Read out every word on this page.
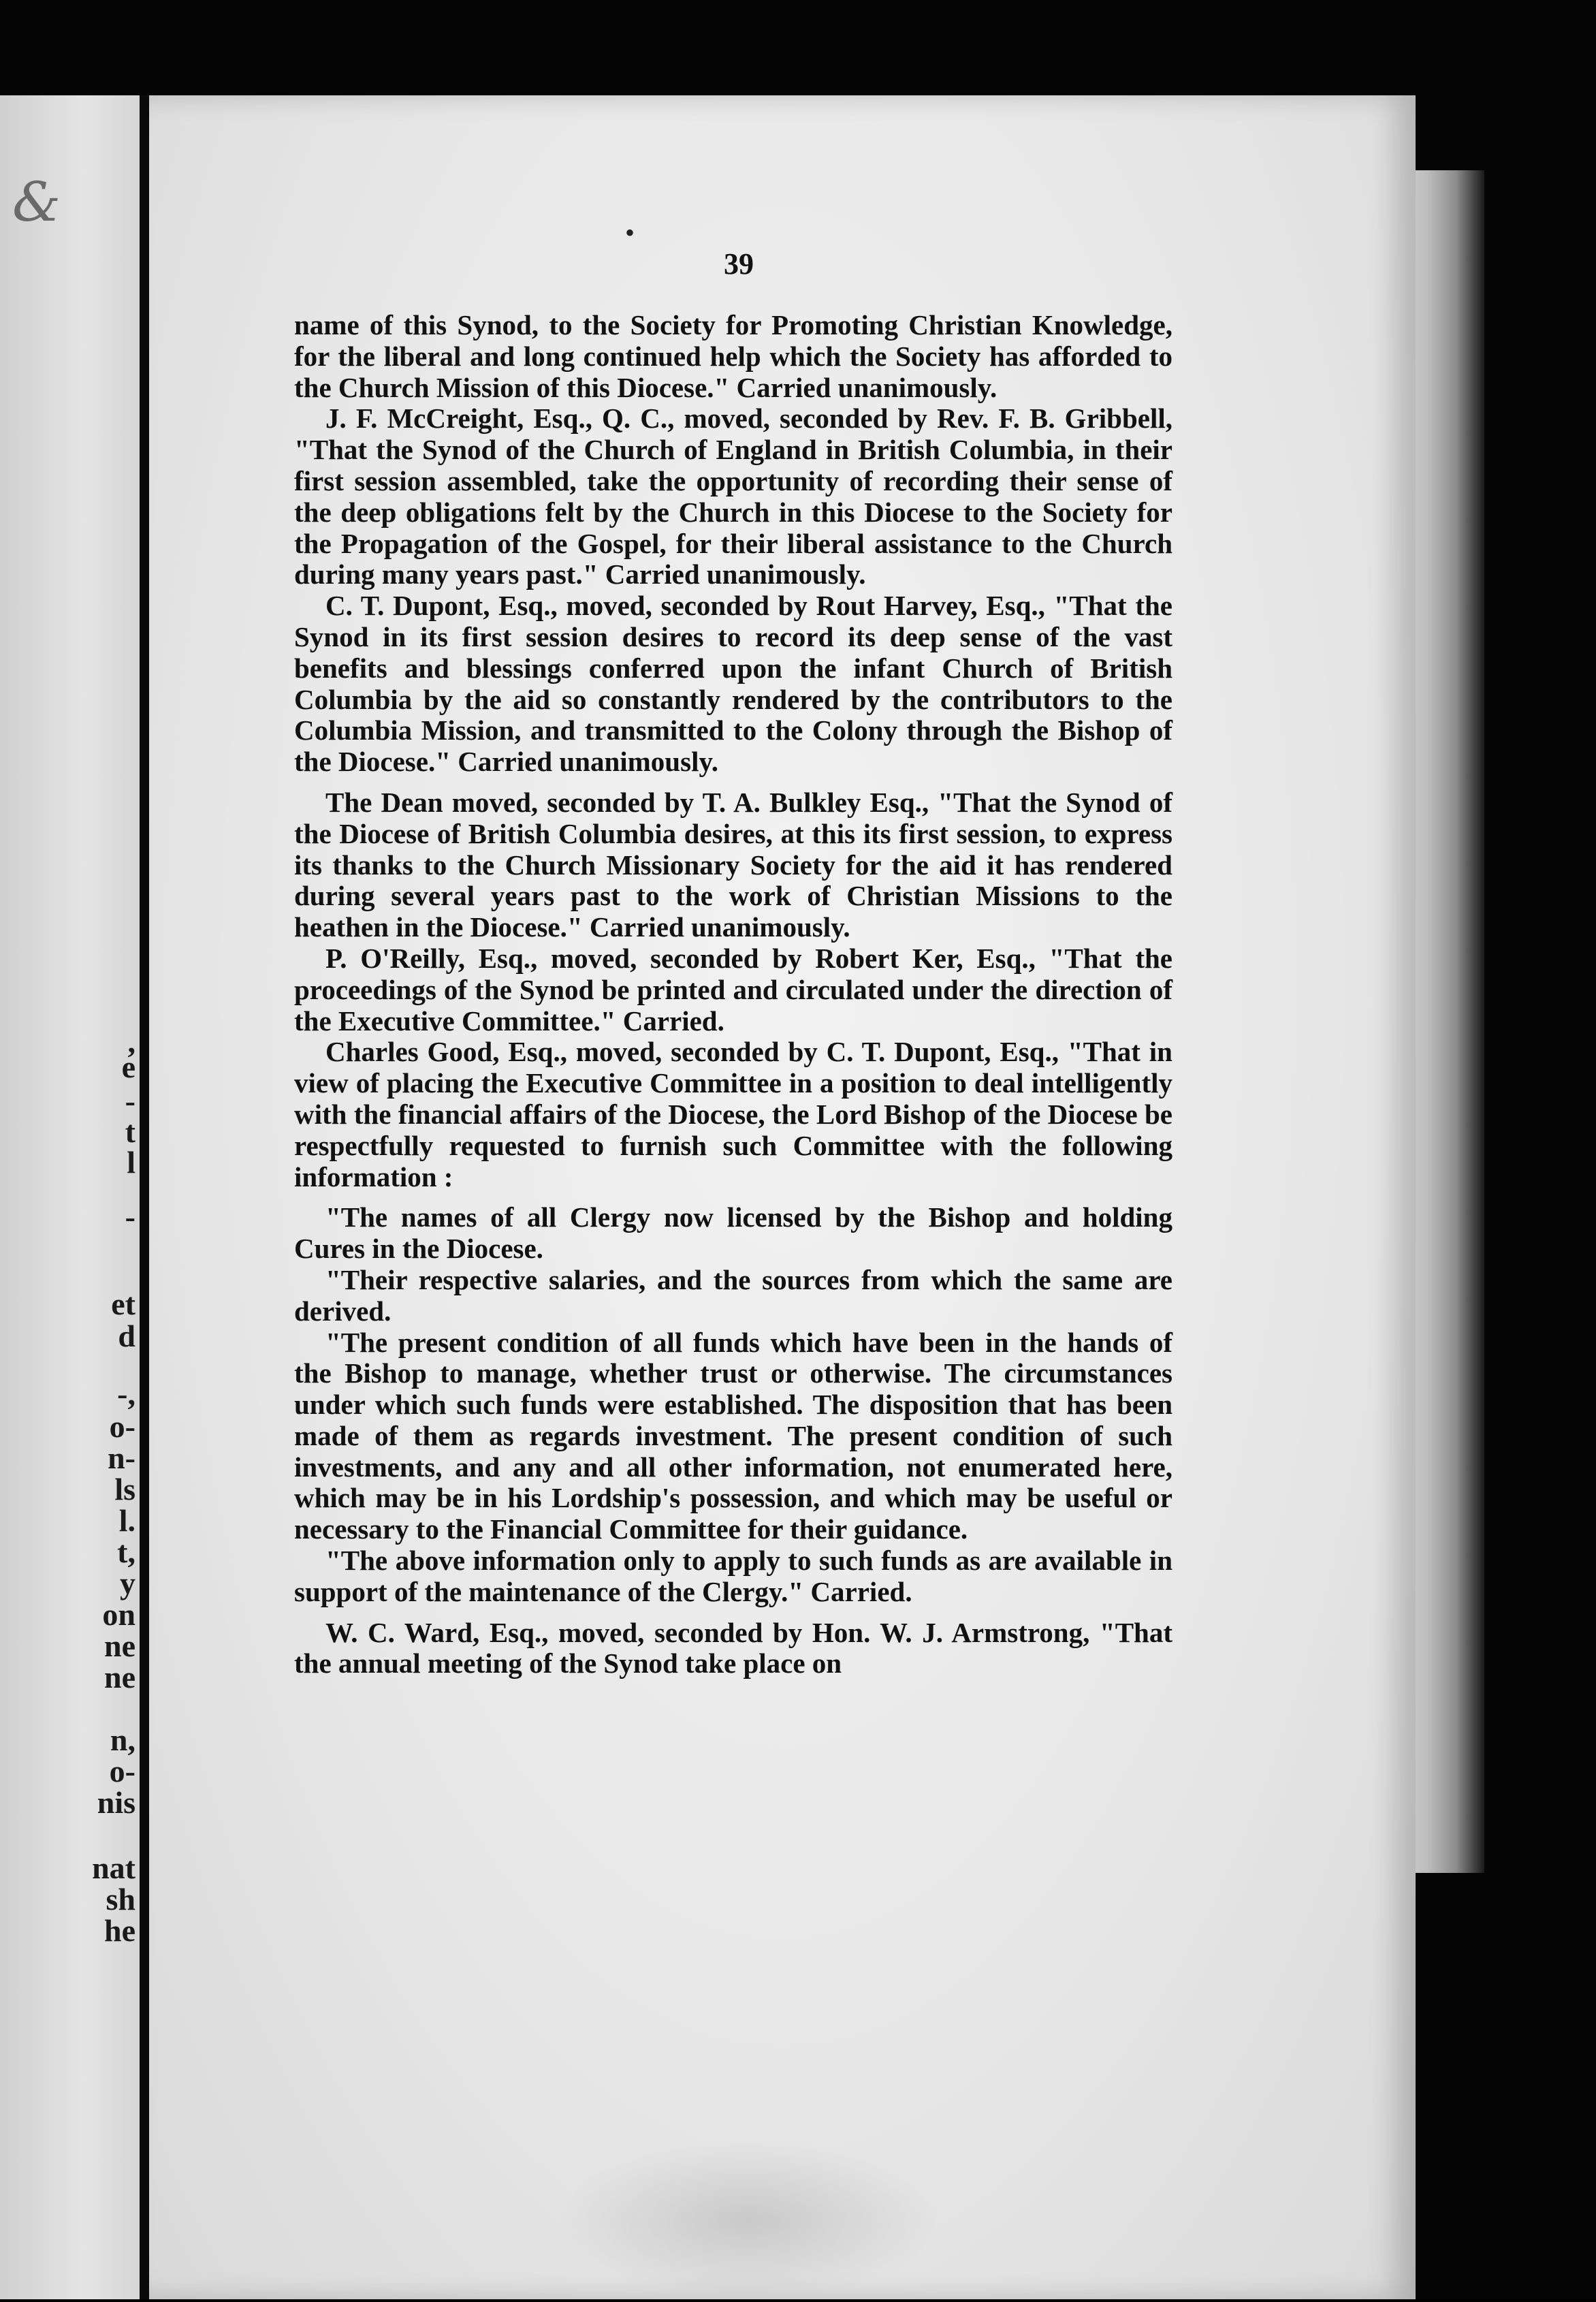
,
e
-
t
l
-
et
d
-,
o-
n-
ls
l.
t,
y
on
ne
ne
n,
o-
nis
nat
sh
he
&	•
39

name of this Synod, to the Society for Promoting Christian Knowledge, for the liberal and long continued help which the Society has afforded to the Church Mission of this Diocese." Carried unanimously.

J. F. McCreight, Esq., Q. C., moved, seconded by Rev. F. B. Gribbell, "That the Synod of the Church of England in British Columbia, in their first session assembled, take the opportunity of recording their sense of the deep obligations felt by the Church in this Diocese to the Society for the Propagation of the Gospel, for their liberal assistance to the Church during many years past." Carried unanimously.

C. T. Dupont, Esq., moved, seconded by Rout Harvey, Esq., "That the Synod in its first session desires to record its deep sense of the vast benefits and blessings conferred upon the infant Church of British Columbia by the aid so constantly rendered by the contributors to the Columbia Mission, and transmitted to the Colony through the Bishop of the Diocese." Carried unanimously.

The Dean moved, seconded by T. A. Bulkley Esq., "That the Synod of the Diocese of British Columbia desires, at this its first session, to express its thanks to the Church Missionary Society for the aid it has rendered during several years past to the work of Christian Missions to the heathen in the Diocese." Carried unanimously.

P. O'Reilly, Esq., moved, seconded by Robert Ker, Esq., "That the proceedings of the Synod be printed and circulated under the direction of the Executive Committee." Carried.

Charles Good, Esq., moved, seconded by C. T. Dupont, Esq., "That in view of placing the Executive Committee in a position to deal intelligently with the financial affairs of the Diocese, the Lord Bishop of the Diocese be respectfully requested to furnish such Committee with the following information :

"The names of all Clergy now licensed by the Bishop and holding Cures in the Diocese.

"Their respective salaries, and the sources from which the same are derived.

"The present condition of all funds which have been in the hands of the Bishop to manage, whether trust or otherwise. The circumstances under which such funds were established. The disposition that has been made of them as regards investment. The present condition of such investments, and any and all other information, not enumerated here, which may be in his Lordship's possession, and which may be useful or necessary to the Financial Committee for their guidance.

"The above information only to apply to such funds as are available in support of the maintenance of the Clergy." Carried.

W. C. Ward, Esq., moved, seconded by Hon. W. J. Armstrong, "That the annual meeting of the Synod take place on
